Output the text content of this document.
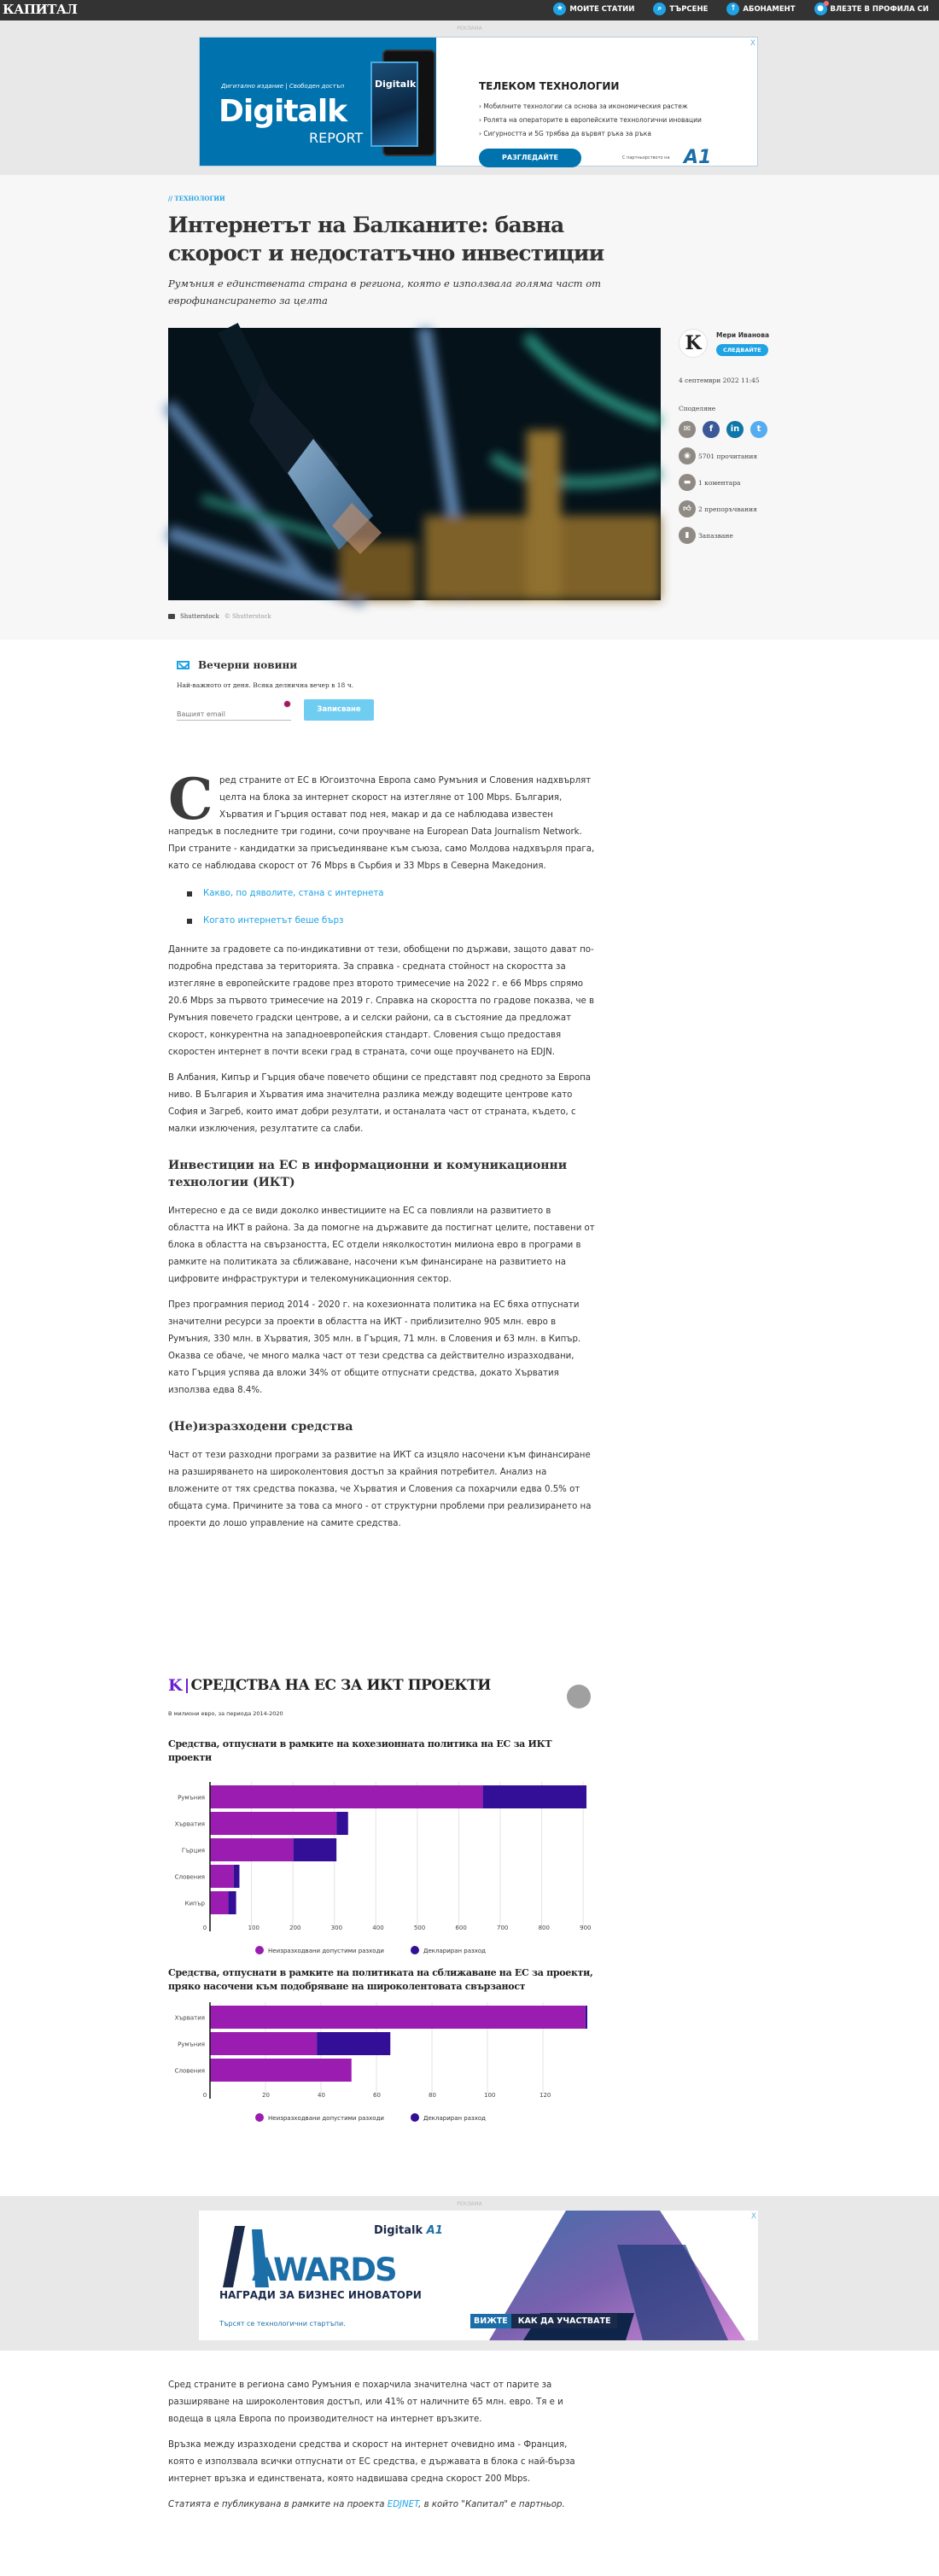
КАПИТАЛ	★ МОИТЕ СТАТИИ	⌕	ТЪРСЕНЕ	↑ АБОНАМЕНТ	● ВЛЕЗТЕ В ПРОФИЛА СИ
РЕКЛАМА
Дигитално издание | Свободен достъп
Digitalk
REPORT
Digitalk	ТЕЛЕКОМ ТЕХНОЛОГИИ
› Мобилните технологии са основа за икономическия растеж
› Ролята на операторите в европейските технологични иновации
› Сигурността и 5G трябва да вървят ръка за ръка
РАЗГЛЕДАЙТЕ	С партньорството на A1
X
// ТЕХНОЛОГИИ
Интернетът на Балканите: бавна скорост и недостатъчно инвестиции
Румъния е единствената страна в региона, която е използвала голяма част от еврофинансирането за целта
Shutterstock © Shutterstock
K	Мери Иванова
СЛЕДВАЙТЕ
4 септември 2022 11:45
Споделяне
✉	f	in	t
◉	5701 прочитания
▬	1 коментара
👍︎	2 препоръчвания
▮	Запазване
Вечерни новини
Най-важното от деня. Всяка делнична вечер в 18 ч.
Вашият email
Записване

Сред страните от ЕС в Югоизточна Европа само Румъния и Словения надхвърлят целта на блока за интернет скорост на изтегляне от 100 Mbps. България, Хърватия и Гърция остават под нея, макар и да се наблюдава известен напредък в последните три години, сочи проучване на European Data Journalism Network. При страните - кандидатки за присъединяване към съюза, само Молдова надхвърля прага, като се наблюдава скорост от 76 Mbps в Сърбия и 33 Mbps в Северна Македония.

Какво, по дяволите, стана с интернета
Когато интернетът беше бърз

Данните за градовете са по-индикативни от тези, обобщени по държави, защото дават по-подробна представа за територията. За справка - средната стойност на скоростта за изтегляне в европейските градове през второто тримесечие на 2022 г. е 66 Mbps спрямо 20.6 Mbps за първото тримесечие на 2019 г. Справка на скоростта по градове показва, че в Румъния повечето градски центрове, а и селски райони, са в състояние да предложат скорост, конкурентна на западноевропейския стандарт. Словения също предоставя скоростен интернет в почти всеки град в страната, сочи още проучването на EDJN.

В Албания, Кипър и Гърция обаче повечето общини се представят под средното за Европа ниво. В България и Хърватия има значителна разлика между водещите центрове като София и Загреб, които имат добри резултати, и останалата част от страната, където, с малки изключения, резултатите са слаби.

Инвестиции на ЕС в информационни и комуникационни технологии (ИКТ)

Интересно е да се види доколко инвестициите на ЕС са повлияли на развитието в областта на ИКТ в района. За да помогне на държавите да постигнат целите, поставени от блока в областта на свързаността, ЕС отдели няколкостотин милиона евро в програми в рамките на политиката за сближаване, насочени към финансиране на развитието на цифровите инфраструктури и телекомуникационния сектор.

През програмния период 2014 - 2020 г. на кохезионната политика на ЕС бяха отпуснати значителни ресурси за проекти в областта на ИКТ - приблизително 905 млн. евро в Румъния, 330 млн. в Хърватия, 305 млн. в Гърция, 71 млн. в Словения и 63 млн. в Кипър. Оказва се обаче, че много малка част от тези средства са действително изразходвани, като Гърция успява да вложи 34% от общите отпуснати средства, докато Хърватия използва едва 8.4%.

(Не)изразходени средства

Част от тези разходни програми за развитие на ИКТ са изцяло насочени към финансиране на разширяването на широколентовия достъп за крайния потребител. Анализ на вложените от тях средства показва, че Хърватия и Словения са похарчили едва 0.5% от общата сума. Причините за това са много - от структурни проблеми при реализирането на проекти до лошо управление на самите средства.

K СРЕДСТВА НА ЕС ЗА ИКТ ПРОЕКТИ
В милиони евро, за периода 2014-2020
Средства, отпуснати в рамките на кохезионната политика на ЕС за ИКТ проекти
0	100	200	300	400	500	600	700	800	900
Румъния
Хърватия
Гърция
Словения
Кипър
Неизразходвани допустими разходи	Деклариран разход
Средства, отпуснати в рамките на политиката на сближаване на ЕС за проекти, пряко насочени към подобряване на широколентовата свързаност
0	20	40	60	80	100	120
Хърватия
Румъния
Словения
Неизразходвани допустими разходи	Деклариран разход
РЕКЛАМА
Digitalk A1
AWARDS
НАГРАДИ ЗА БИЗНЕС ИНОВАТОРИ
Търсят се технологични стартъпи.	ВИЖТЕ	КАК ДА УЧАСТВАТЕ
X

Сред страните в региона само Румъния е похарчила значителна част от парите за разширяване на широколентовия достъп, или 41% от наличните 65 млн. евро. Тя е и водеща в цяла Европа по производителност на интернет връзките.

Връзка между изразходени средства и скорост на интернет очевидно има - Франция, която е използвала всички отпуснати от ЕС средства, е държавата в блока с най-бърза интернет връзка и единствената, която надвишава средна скорост 200 Mbps.

Статията е публикувана в рамките на проекта EDJNET, в който "Капитал" е партньор.
